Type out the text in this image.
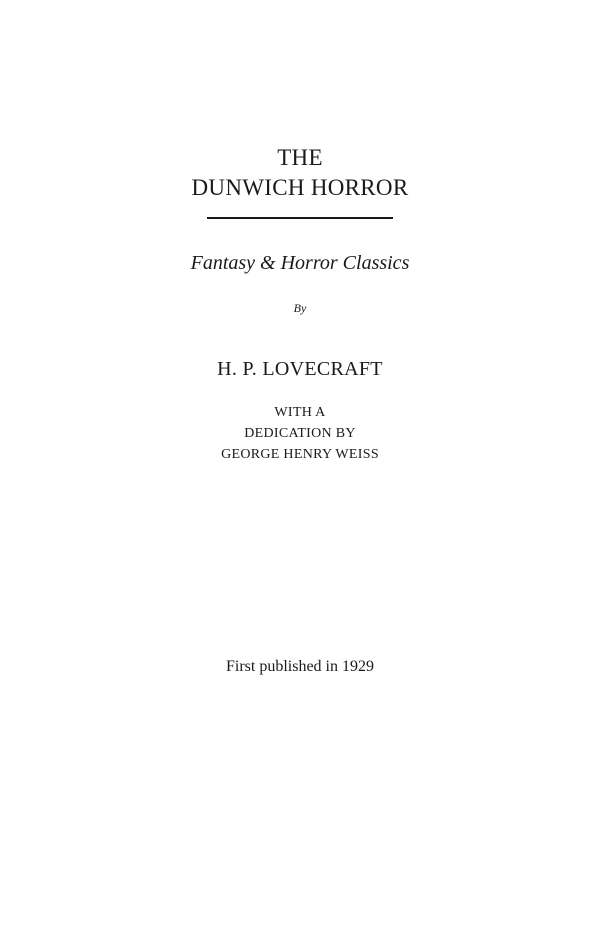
THE
DUNWICH HORROR
Fantasy & Horror Classics
By
H. P. LOVECRAFT
WITH A
DEDICATION BY
GEORGE HENRY WEISS
First published in 1929
